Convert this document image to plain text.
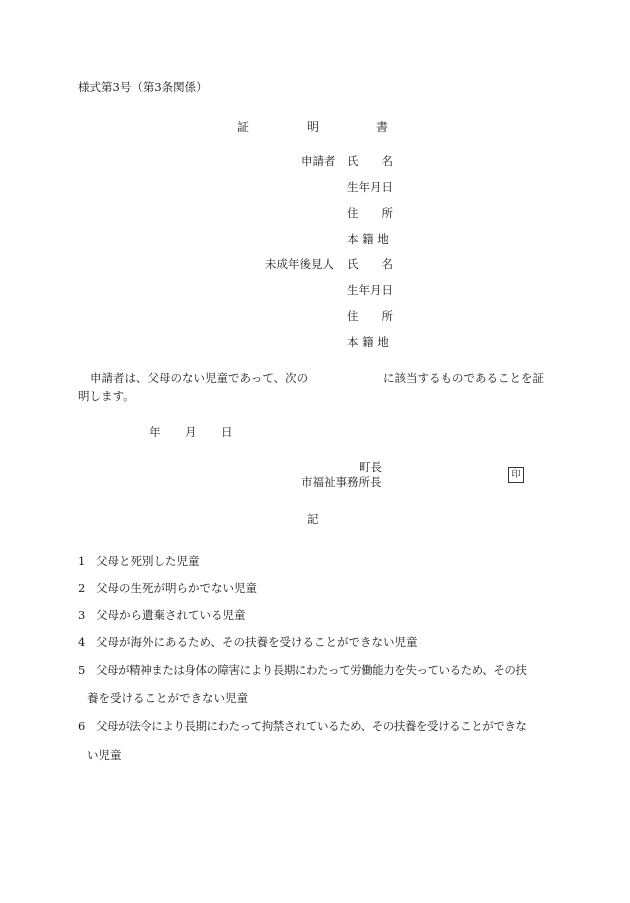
様式第3号（第3条関係）
証	明	書
申請者 氏　　名
生年月日
住　　所
本 籍 地
未成年後見人 氏　　名
生年月日
住　　所
本 籍 地
申請者は、父母のない児童であって、次の	に該当するものであることを証
明します。
年 月 日
町長
市福祉事務所長	印
記
1 父母と死別した児童
2 父母の生死が明らかでない児童
3 父母から遺棄されている児童
4 父母が海外にあるため、その扶養を受けることができない児童
5 父母が精神または身体の障害により長期にわたって労働能力を失っているため、その扶
養を受けることができない児童
6 父母が法令により長期にわたって拘禁されているため、その扶養を受けることができな
い児童
